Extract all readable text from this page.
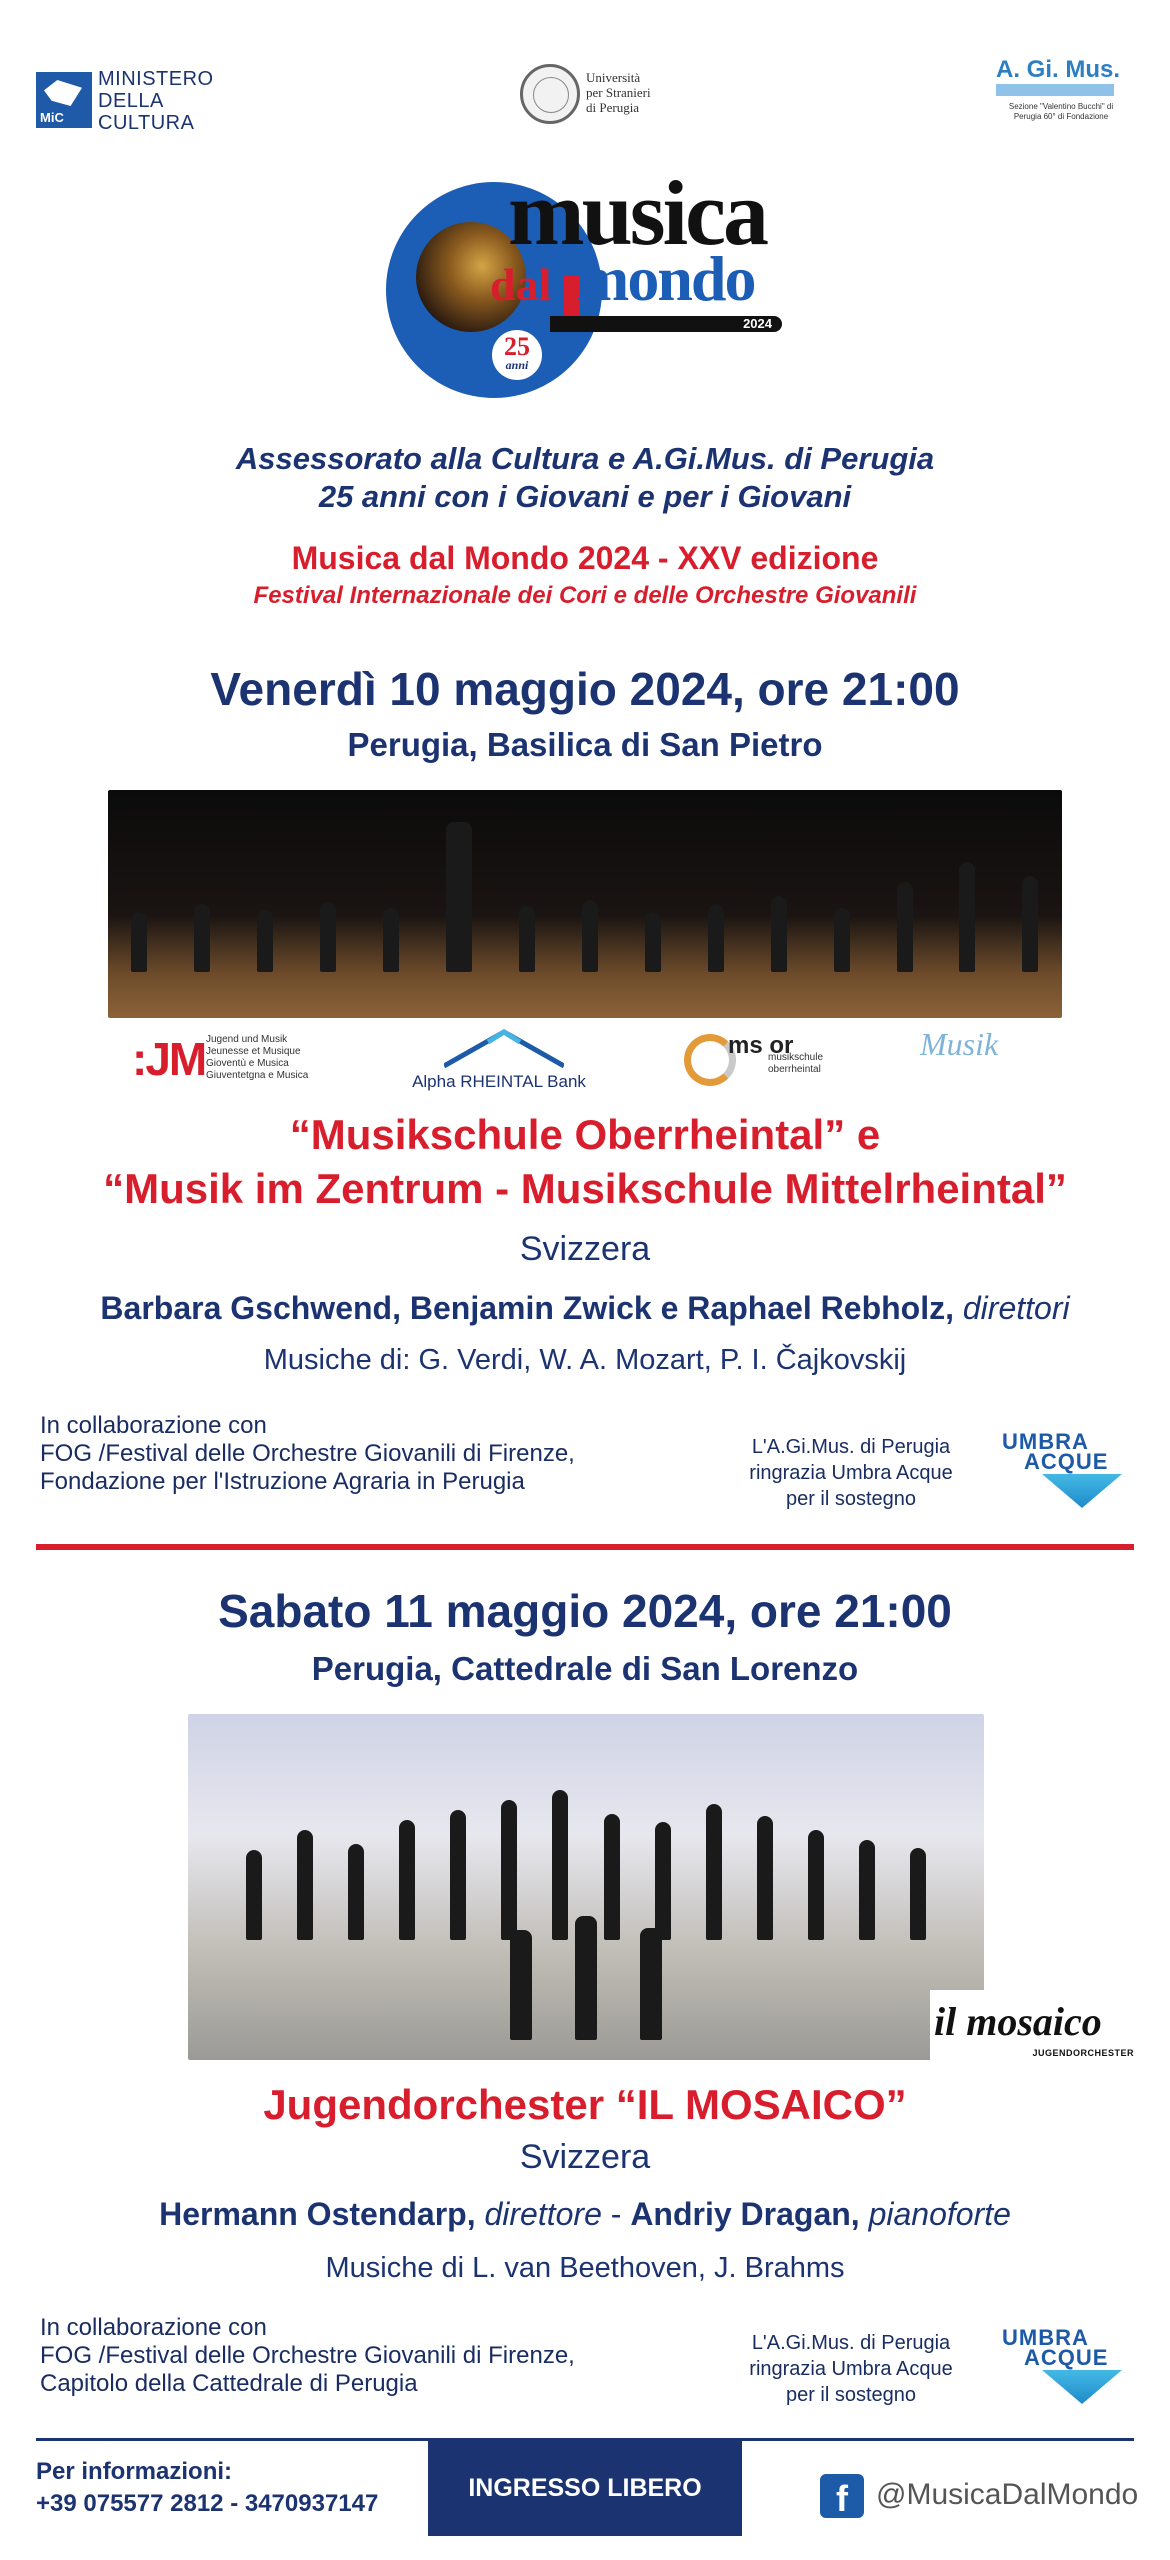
MiC
MINISTERO
DELLA
CULTURA
Università
per Stranieri
di Perugia
A. Gi. Mus.
Sezione "Valentino Bucchi" di Perugia 60° di Fondazione
musica
dal mondo
2024
25
anni
Assessorato alla Cultura e A.Gi.Mus. di Perugia
25 anni con i Giovani e per i Giovani
Musica dal Mondo 2024 - XXV edizione
Festival Internazionale dei Cori e delle Orchestre Giovanili
Venerdì 10 maggio 2024, ore 21:00
Perugia, Basilica di San Pietro
:JM Jugend und Musik
Jeunesse et Musique
Gioventù e Musica
Giuventetgna e Musica	Alpha RHEINTAL Bank
ms or
musikschule
oberrheintal
Musik
“Musikschule Oberrheintal” e
“Musik im Zentrum - Musikschule Mittelrheintal”
Svizzera
Barbara Gschwend, Benjamin Zwick e Raphael Rebholz, direttori
Musiche di: G. Verdi, W. A. Mozart, P. I. Čajkovskij
In collaborazione con
FOG /Festival delle Orchestre Giovanili di Firenze,
Fondazione per l'Istruzione Agraria in Perugia
L'A.Gi.Mus. di Perugia
ringrazia Umbra Acque
per il sostegno
UMBRA
ACQUE
Sabato 11 maggio 2024, ore 21:00
Perugia, Cattedrale di San Lorenzo
il mosaico
JUGENDORCHESTER
Jugendorchester “IL MOSAICO”
Svizzera
Hermann Ostendarp, direttore - Andriy Dragan, pianoforte
Musiche di L. van Beethoven, J. Brahms
In collaborazione con
FOG /Festival delle Orchestre Giovanili di Firenze,
Capitolo della Cattedrale di Perugia
L'A.Gi.Mus. di Perugia
ringrazia Umbra Acque
per il sostegno
UMBRA
ACQUE
Per informazioni:
+39 075577 2812 - 3470937147
INGRESSO LIBERO	f @MusicaDalMondo
